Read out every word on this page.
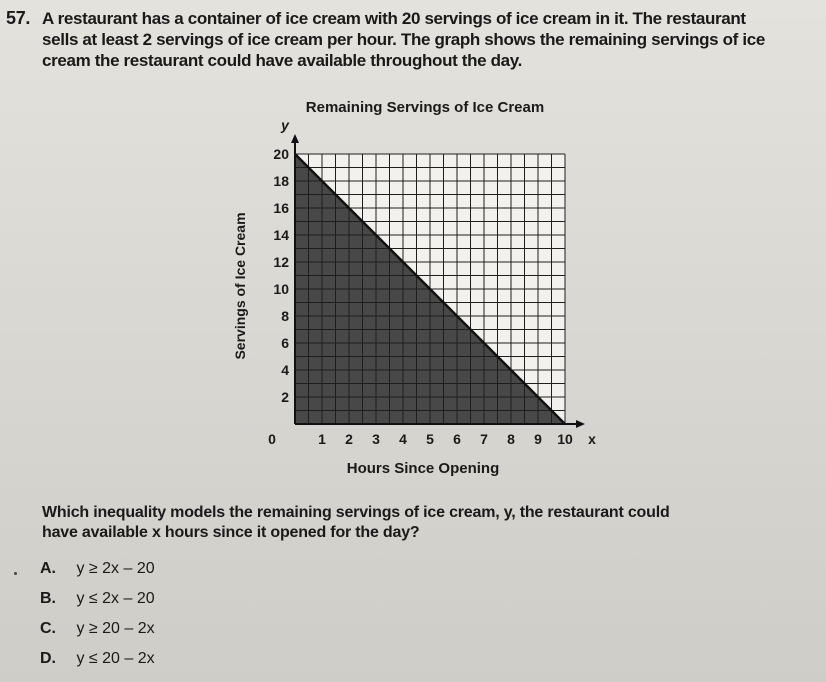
57. A restaurant has a container of ice cream with 20 servings of ice cream in it. The restaurant
sells at least 2 servings of ice cream per hour. The graph shows the remaining servings of ice
cream the restaurant could have available throughout the day.
Remaining Servings of Ice Cream
y
x
Servings of Ice Cream
Hours Since Opening
0	1 2 3 4 5 6 7 8 9 10
2
4
6
8
10
12
14
16
18
20
Which inequality models the remaining servings of ice cream, y, the restaurant could
have available x hours since it opened for the day?
A. y ≥ 2x – 20
B. y ≤ 2x – 20
C. y ≥ 20 – 2x
D. y ≤ 20 – 2x
